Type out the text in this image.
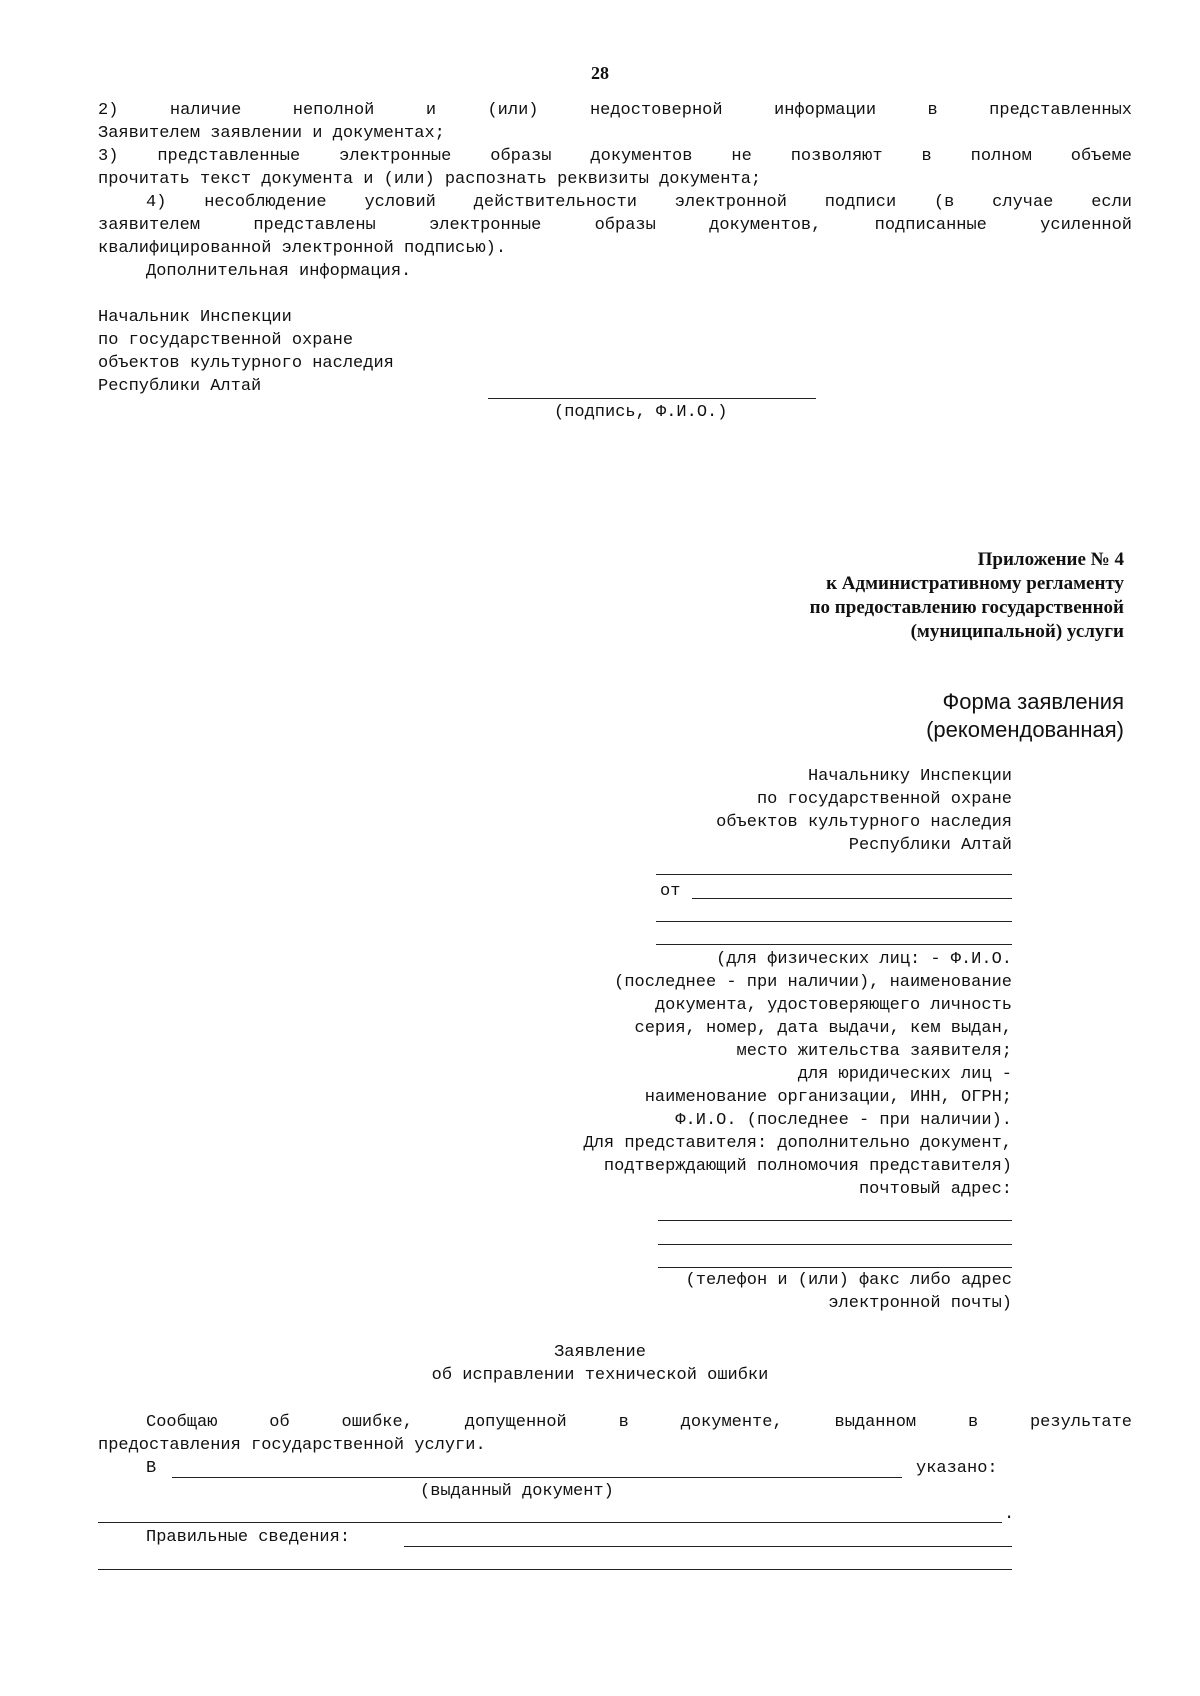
28
2) наличие неполной и (или) недостоверной информации в представленных
Заявителем заявлении и документах;
3) представленные электронные образы документов не позволяют в полном объеме
прочитать текст документа и (или) распознать реквизиты документа;
4) несоблюдение условий действительности электронной подписи (в случае если
заявителем представлены электронные образы документов, подписанные усиленной
квалифицированной электронной подписью).
Дополнительная информация.
Начальник Инспекции
по государственной охране
объектов культурного наследия
Республики Алтай
(подпись, Ф.И.О.)
Приложение № 4
к Административному регламенту
по предоставлению государственной
(муниципальной) услуги
Форма заявления
(рекомендованная)
Начальнику Инспекции
по государственной охране
объектов культурного наследия
Республики Алтай
от
(для физических лиц: - Ф.И.О.
(последнее - при наличии), наименование
документа, удостоверяющего личность
серия, номер, дата выдачи, кем выдан,
место жительства заявителя;
для юридических лиц -
наименование организации, ИНН, ОГРН;
Ф.И.О. (последнее - при наличии).
Для представителя: дополнительно документ,
подтверждающий полномочия представителя)
почтовый адрес:
(телефон и (или) факс либо адрес
электронной почты)
Заявление
об исправлении технической ошибки
Сообщаю об ошибке, допущенной в документе, выданном в результате
предоставления государственной услуги.
В	указано:
(выданный документ)
.
Правильные сведения:
